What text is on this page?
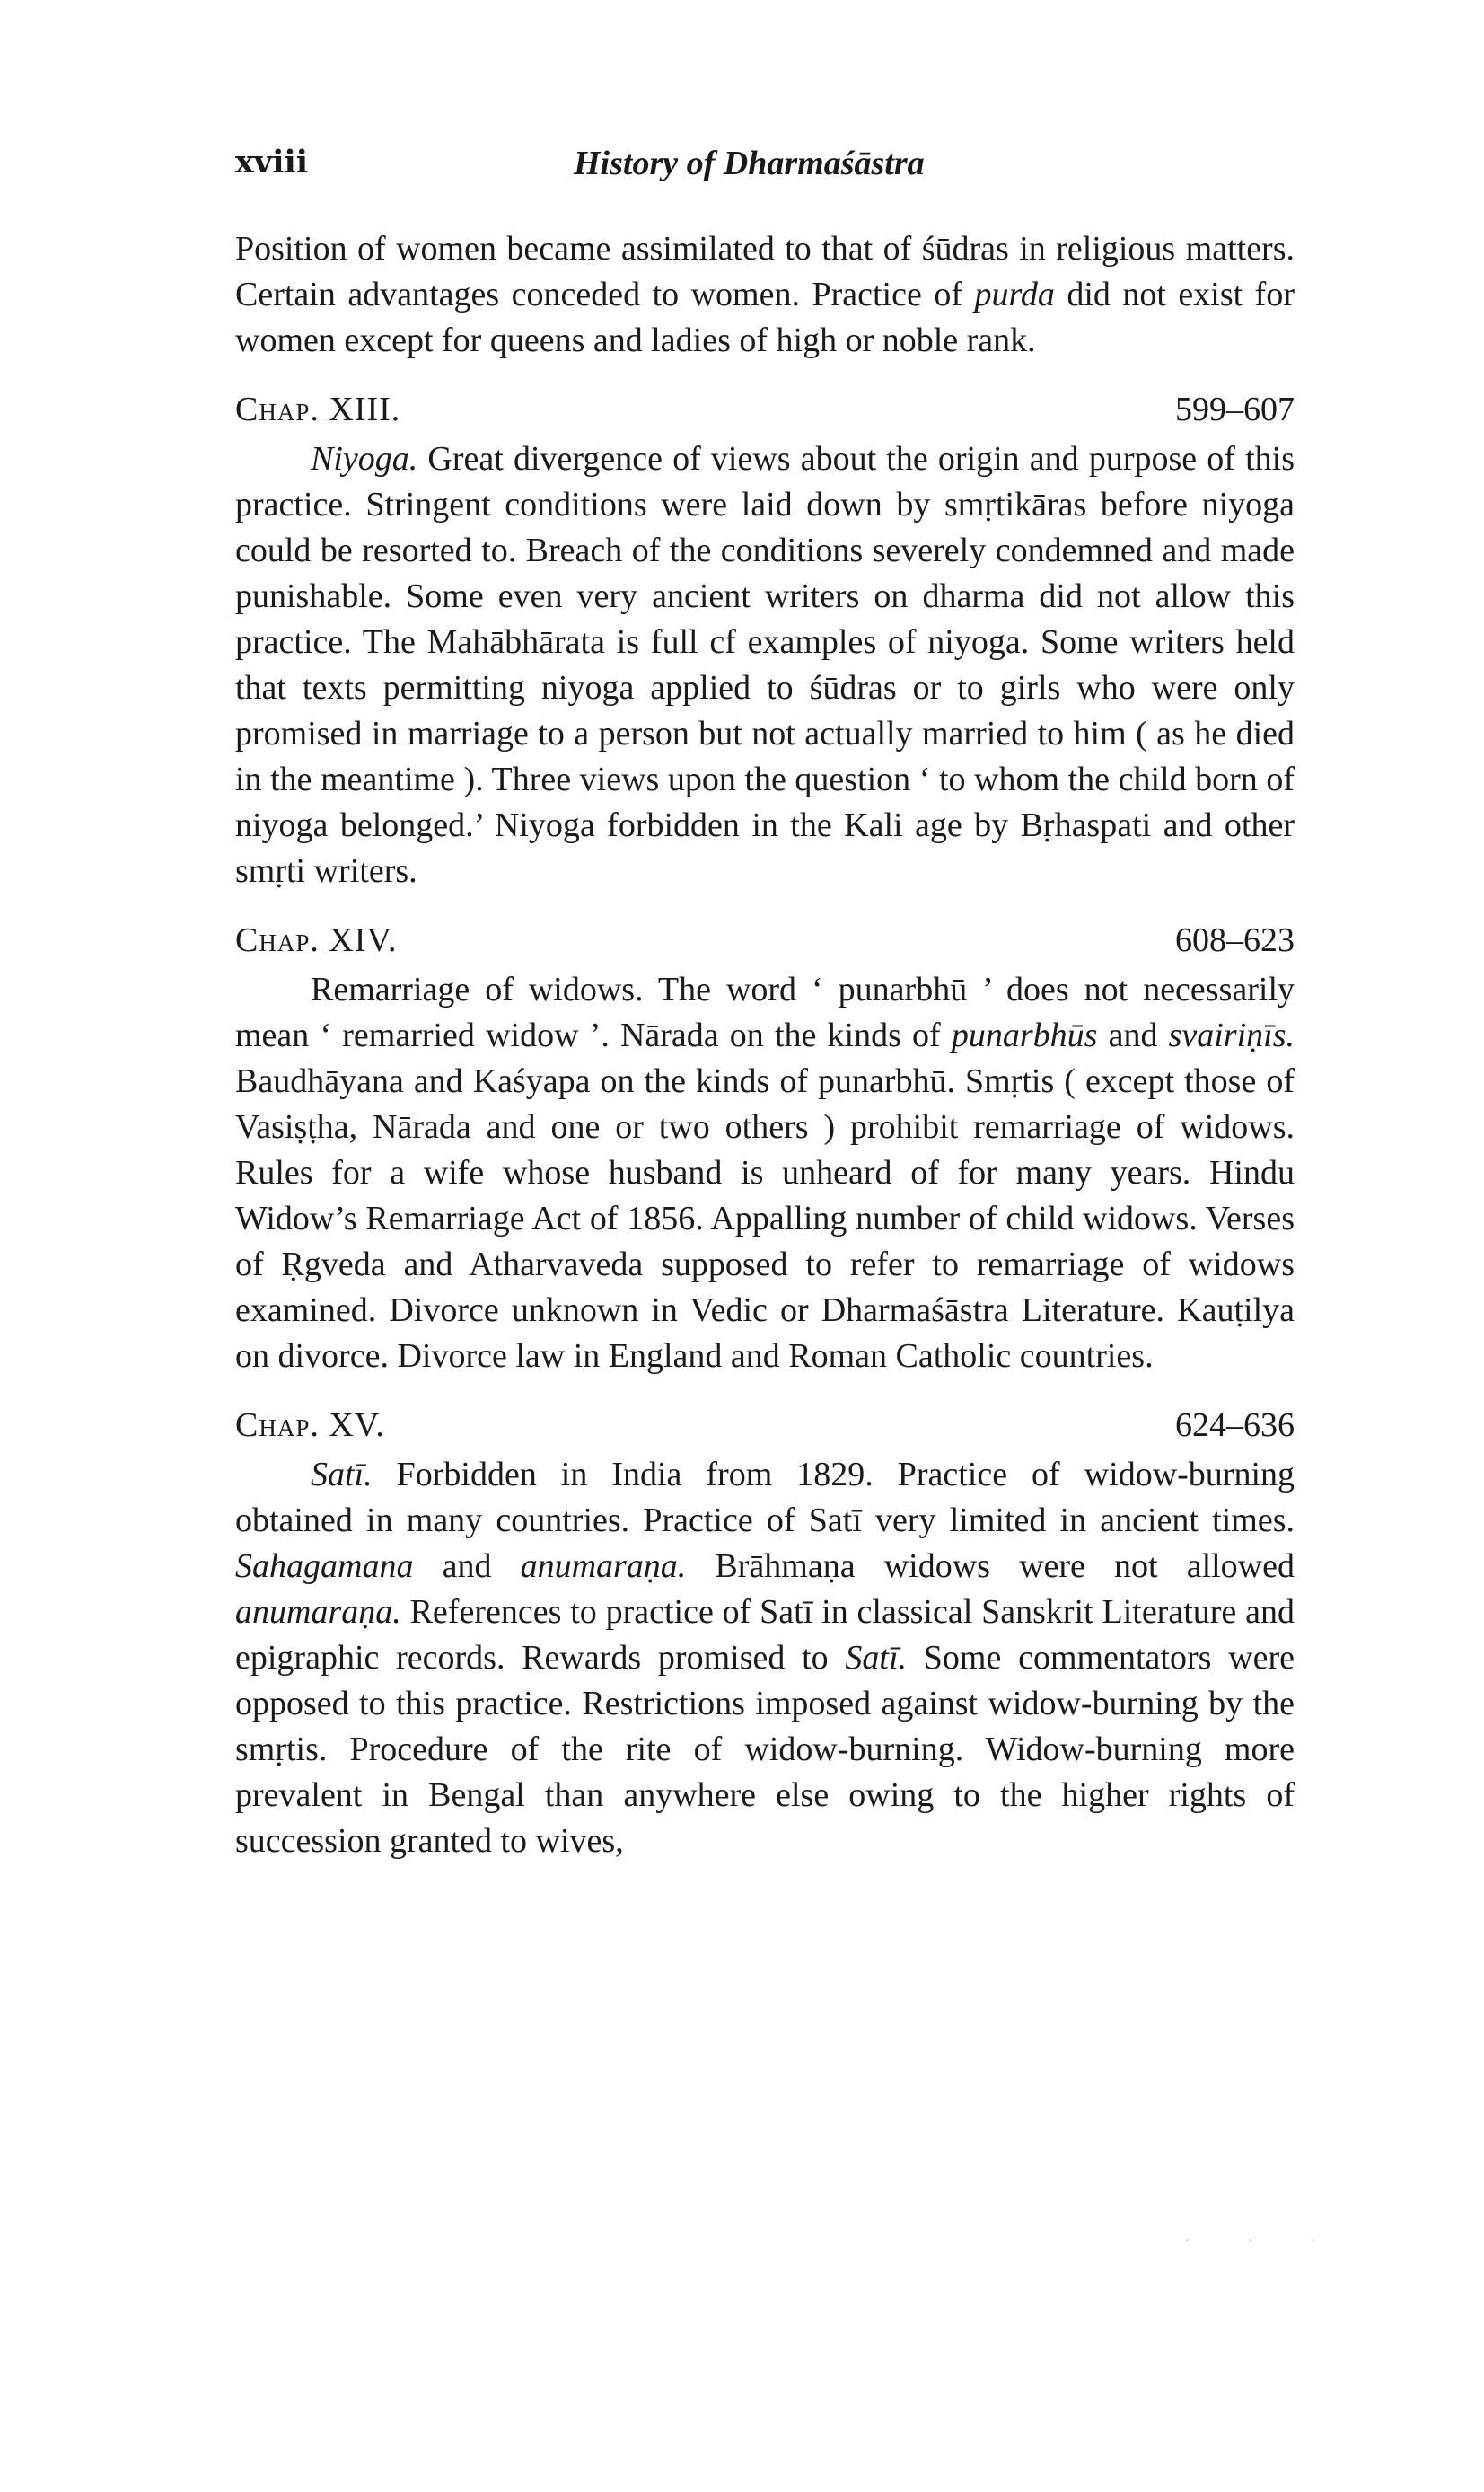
xviii	History of Dharmaśāstra

Position of women became assimilated to that of śūdras in religious matters. Certain advantages conceded to women. Practice of purda did not exist for women except for queens and ladies of high or noble rank.

Chap. XIII.	599–607

Niyoga. Great divergence of views about the origin and purpose of this practice. Stringent conditions were laid down by smṛtikāras before niyoga could be resorted to. Breach of the conditions severely condemned and made punishable. Some even very ancient writers on dharma did not allow this practice. The Mahābhārata is full cf examples of niyoga. Some writers held that texts permitting niyoga applied to śūdras or to girls who were only promised in marriage to a person but not actually married to him ( as he died in the meantime ). Three views upon the question ‘ to whom the child born of niyoga belonged.’ Niyoga forbidden in the Kali age by Bṛhaspati and other smṛti writers.

Chap. XIV.	608–623

Remarriage of widows. The word ‘ punarbhū ’ does not necessarily mean ‘ remarried widow ’. Nārada on the kinds of punarbhūs and svairiṇīs. Baudhāyana and Kaśyapa on the kinds of punarbhū. Smṛtis ( except those of Vasiṣṭha, Nārada and one or two others ) prohibit remarriage of widows. Rules for a wife whose husband is unheard of for many years. Hindu Widow’s Remarriage Act of 1856. Appalling number of child widows. Verses of Ṛgveda and Atharvaveda supposed to refer to remarriage of widows examined. Divorce unknown in Vedic or Dharmaśāstra Literature. Kauṭilya on divorce. Divorce law in England and Roman Catholic countries.

Chap. XV.	624–636

Satī. Forbidden in India from 1829. Practice of widow-burning obtained in many countries. Practice of Satī very limited in ancient times. Sahagamana and anumaraṇa. Brāhmaṇa widows were not allowed anumaraṇa. References to practice of Satī in classical Sanskrit Literature and epigraphic records. Rewards promised to Satī. Some commentators were opposed to this practice. Restrictions imposed against widow-burning by the smṛtis. Procedure of the rite of widow-burning. Widow-burning more prevalent in Bengal than anywhere else owing to the higher rights of succession granted to wives,

· · ·
